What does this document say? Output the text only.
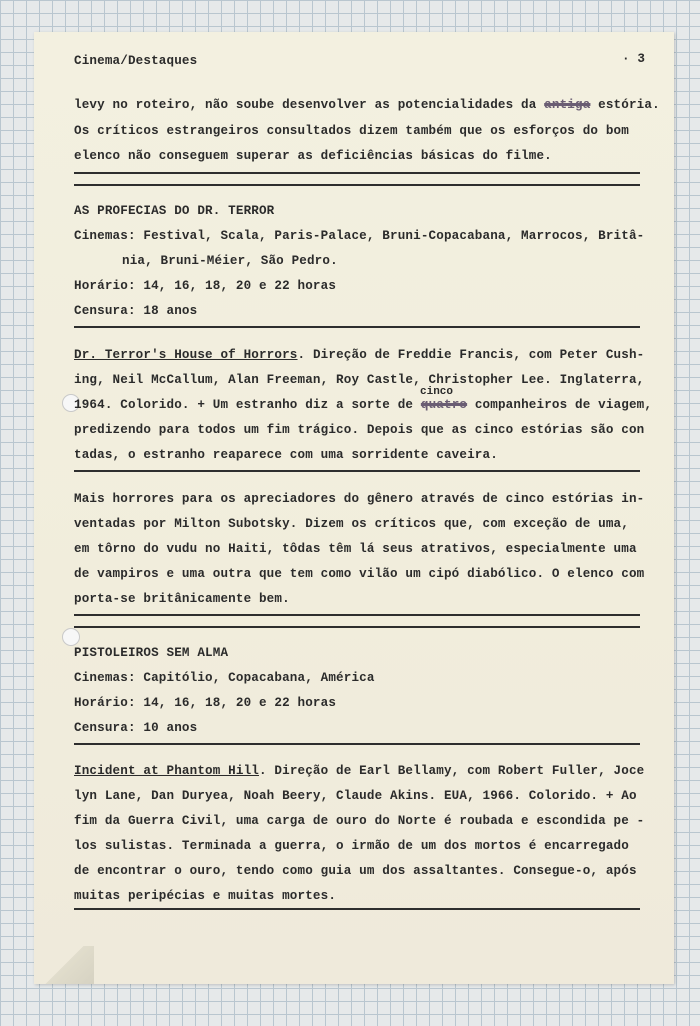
Cinema/Destaques	· 3
levy no roteiro, não soube desenvolver as potencialidades da antiga estória.
Os críticos estrangeiros consultados dizem também que os esforços do bom
elenco não conseguem superar as deficiências básicas do filme.
AS PROFECIAS DO DR. TERROR
Cinemas: Festival, Scala, Paris-Palace, Bruni-Copacabana, Marrocos, Britâ-
nia, Bruni-Méier, São Pedro.
Horário: 14, 16, 18, 20 e 22 horas
Censura: 18 anos
Dr. Terror's House of Horrors. Direção de Freddie Francis, com Peter Cush-
ing, Neil McCallum, Alan Freeman, Roy Castle, Christopher Lee. Inglaterra,
cinco
1964. Colorido. + Um estranho diz a sorte de quatro companheiros de viagem,
predizendo para todos um fim trágico. Depois que as cinco estórias são con
tadas, o estranho reaparece com uma sorridente caveira.
Mais horrores para os apreciadores do gênero através de cinco estórias in-
ventadas por Milton Subotsky. Dizem os críticos que, com exceção de uma,
em tôrno do vudu no Haiti, tôdas têm lá seus atrativos, especialmente uma
de vampiros e uma outra que tem como vilão um cipó diabólico. O elenco com
porta-se britânicamente bem.
PISTOLEIROS SEM ALMA
Cinemas: Capitólio, Copacabana, América
Horário: 14, 16, 18, 20 e 22 horas
Censura: 10 anos
Incident at Phantom Hill. Direção de Earl Bellamy, com Robert Fuller, Joce
lyn Lane, Dan Duryea, Noah Beery, Claude Akins. EUA, 1966. Colorido. + Ao
fim da Guerra Civil, uma carga de ouro do Norte é roubada e escondida pe -
los sulistas. Terminada a guerra, o irmão de um dos mortos é encarregado
de encontrar o ouro, tendo como guia um dos assaltantes. Consegue-o, após
muitas peripécias e muitas mortes.
